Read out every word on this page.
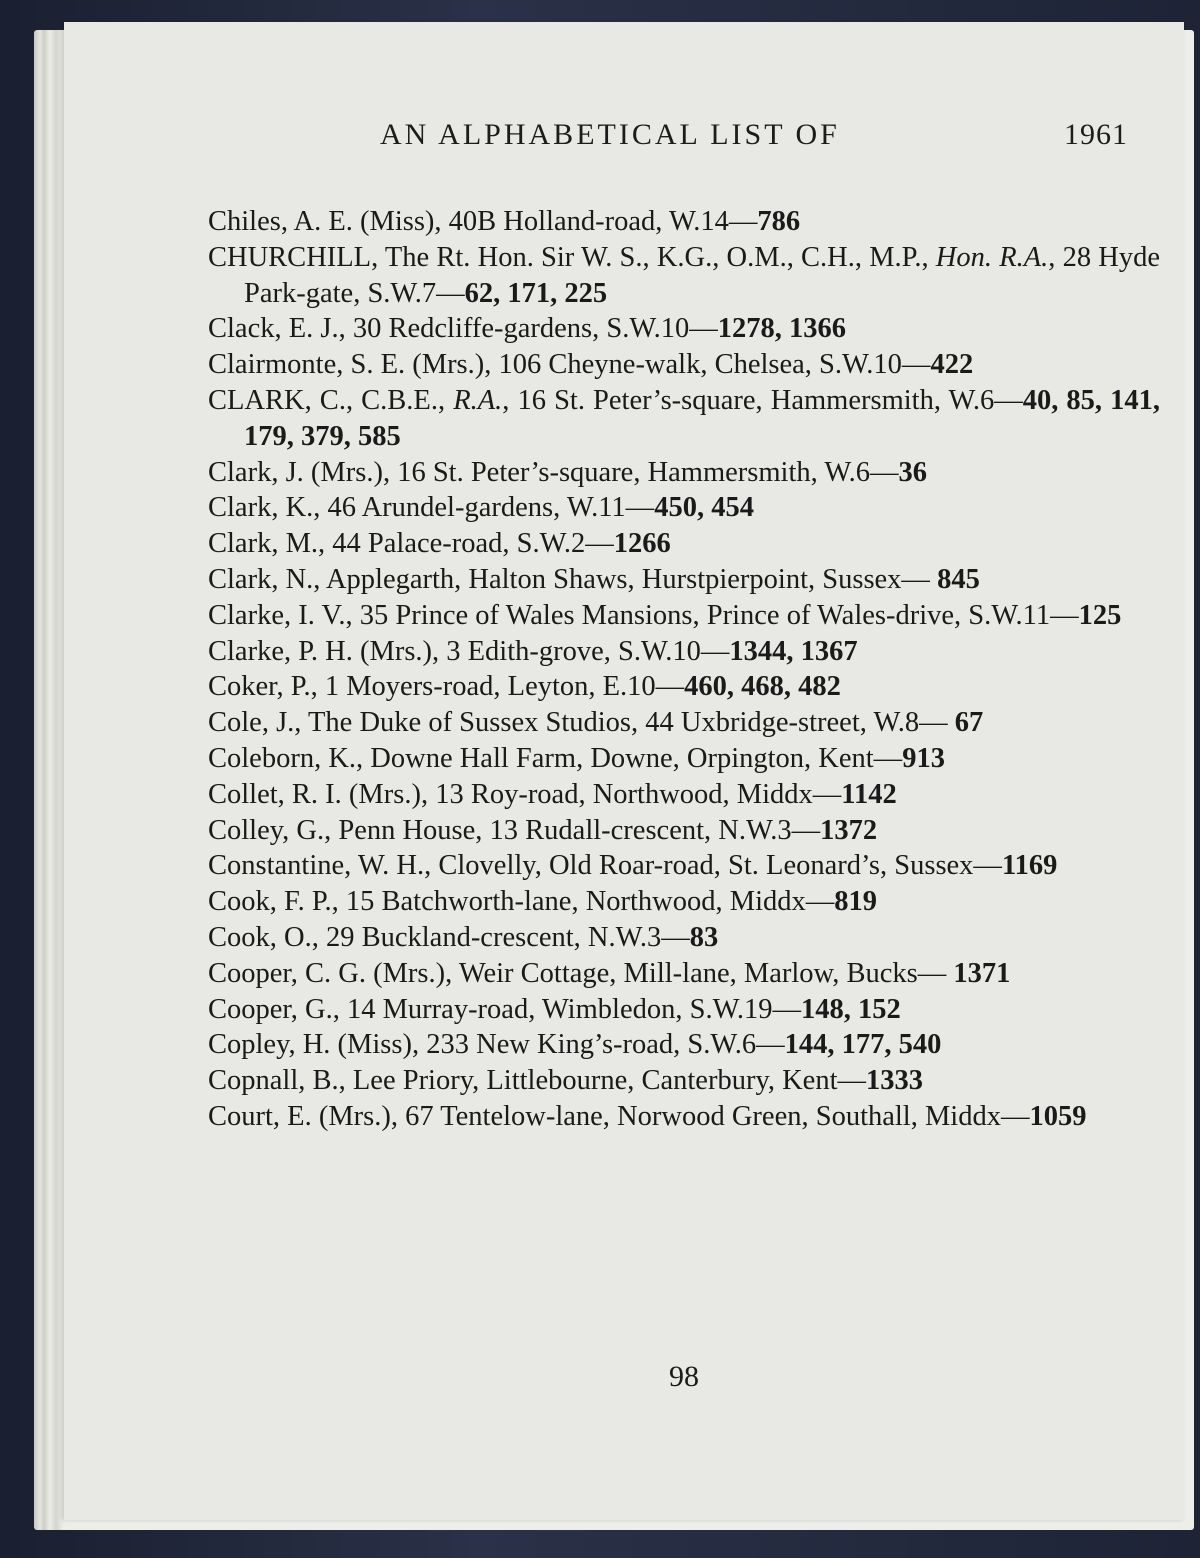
AN ALPHABETICAL LIST OF	1961

Chiles, A. E. (Miss), 40B Holland-road, W.14—786

CHURCHILL, The Rt. Hon. Sir W. S., K.G., O.M., C.H., M.P., Hon. R.A., 28 Hyde Park-gate, S.W.7—62, 171, 225

Clack, E. J., 30 Redcliffe-gardens, S.W.10—1278, 1366

Clairmonte, S. E. (Mrs.), 106 Cheyne-walk, Chelsea, S.W.10—422

CLARK, C., C.B.E., R.A., 16 St. Peter’s-square, Hammersmith, W.6—40, 85, 141, 179, 379, 585

Clark, J. (Mrs.), 16 St. Peter’s-square, Hammersmith, W.6—36

Clark, K., 46 Arundel-gardens, W.11—450, 454

Clark, M., 44 Palace-road, S.W.2—1266

Clark, N., Applegarth, Halton Shaws, Hurstpierpoint, Sussex— 845

Clarke, I. V., 35 Prince of Wales Mansions, Prince of Wales-drive, S.W.11—125

Clarke, P. H. (Mrs.), 3 Edith-grove, S.W.10—1344, 1367

Coker, P., 1 Moyers-road, Leyton, E.10—460, 468, 482

Cole, J., The Duke of Sussex Studios, 44 Uxbridge-street, W.8— 67

Coleborn, K., Downe Hall Farm, Downe, Orpington, Kent—913

Collet, R. I. (Mrs.), 13 Roy-road, Northwood, Middx—1142

Colley, G., Penn House, 13 Rudall-crescent, N.W.3—1372

Constantine, W. H., Clovelly, Old Roar-road, St. Leonard’s, Sussex—1169

Cook, F. P., 15 Batchworth-lane, Northwood, Middx—819

Cook, O., 29 Buckland-crescent, N.W.3—83

Cooper, C. G. (Mrs.), Weir Cottage, Mill-lane, Marlow, Bucks— 1371

Cooper, G., 14 Murray-road, Wimbledon, S.W.19—148, 152

Copley, H. (Miss), 233 New King’s-road, S.W.6—144, 177, 540

Copnall, B., Lee Priory, Littlebourne, Canterbury, Kent—1333

Court, E. (Mrs.), 67 Tentelow-lane, Norwood Green, Southall, Middx—1059

98
